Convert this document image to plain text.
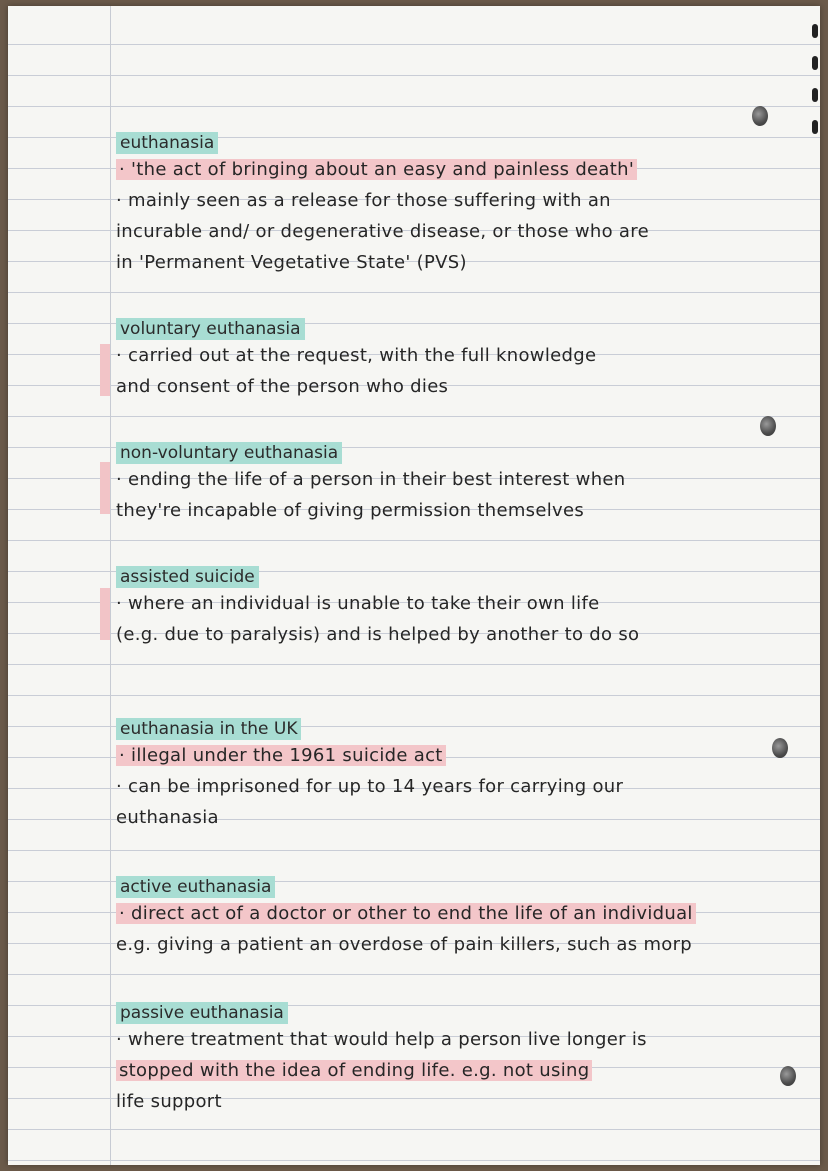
euthanasia
· 'the act of bringing about an easy and painless death'
· mainly seen as a release for those suffering with an
incurable and/ or degenerative disease, or those who are
in 'Permanent Vegetative State' (PVS)
voluntary euthanasia
· carried out at the request, with the full knowledge
and consent of the person who dies
non-voluntary euthanasia
· ending the life of a person in their best interest when
they're incapable of giving permission themselves
assisted suicide
· where an individual is unable to take their own life
(e.g. due to paralysis) and is helped by another to do so
euthanasia in the UK
· illegal under the 1961 suicide act
· can be imprisoned for up to 14 years for carrying our
euthanasia
active euthanasia
· direct act of a doctor or other to end the life of an individual
e.g. giving a patient an overdose of pain killers, such as morp
passive euthanasia
· where treatment that would help a person live longer is
stopped with the idea of ending life. e.g. not using
life support
